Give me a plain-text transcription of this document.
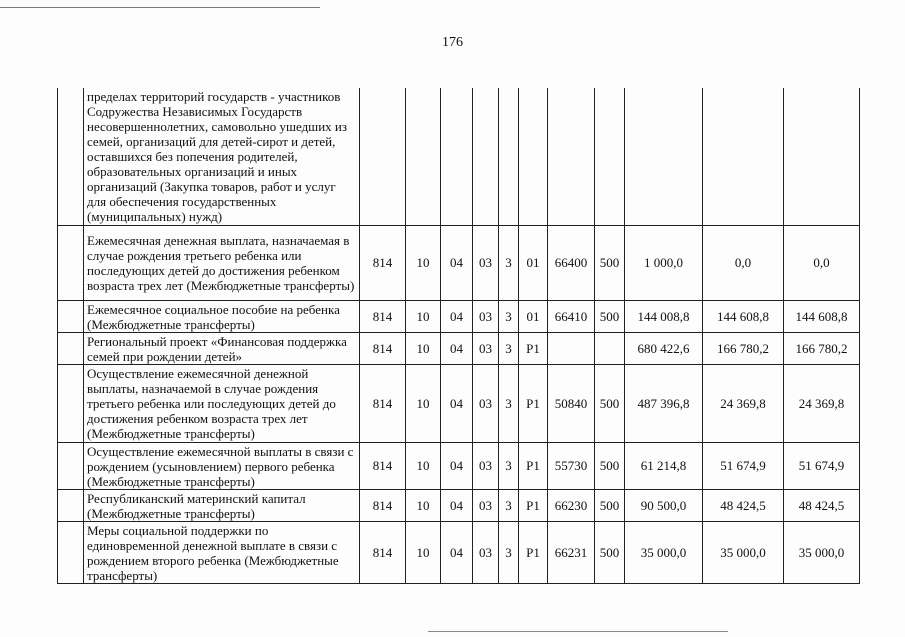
176
	пределах территорий государств - участников Содружества Независимых Государств несовершеннолетних, самовольно ушедших из семей, организаций для детей-сирот и детей, оставшихся без попечения родителей, образовательных организаций и иных организаций (Закупка товаров, работ и услуг для обеспечения государственных (муниципальных) нужд)											
	Ежемесячная денежная выплата, назначаемая в случае рождения третьего ребенка или последующих детей до достижения ребенком возраста трех лет (Межбюджетные трансферты)	814	10	04	03	3	01	66400	500	1 000,0	0,0	0,0
	Ежемесячное социальное пособие на ребенка (Межбюджетные трансферты)	814	10	04	03	3	01	66410	500	144 008,8	144 608,8	144 608,8
	Региональный проект «Финансовая поддержка семей при рождении детей»	814	10	04	03	3	P1			680 422,6	166 780,2	166 780,2
	Осуществление ежемесячной денежной выплаты, назначаемой в случае рождения третьего ребенка или последующих детей до достижения ребенком возраста трех лет (Межбюджетные трансферты)	814	10	04	03	3	P1	50840	500	487 396,8	24 369,8	24 369,8
	Осуществление ежемесячной выплаты в связи с рождением (усыновлением) первого ребенка (Межбюджетные трансферты)	814	10	04	03	3	P1	55730	500	61 214,8	51 674,9	51 674,9
	Республиканский материнский капитал (Межбюджетные трансферты)	814	10	04	03	3	P1	66230	500	90 500,0	48 424,5	48 424,5
	Меры социальной поддержки по единовременной денежной выплате в связи с рождением второго ребенка (Межбюджетные трансферты)	814	10	04	03	3	P1	66231	500	35 000,0	35 000,0	35 000,0
